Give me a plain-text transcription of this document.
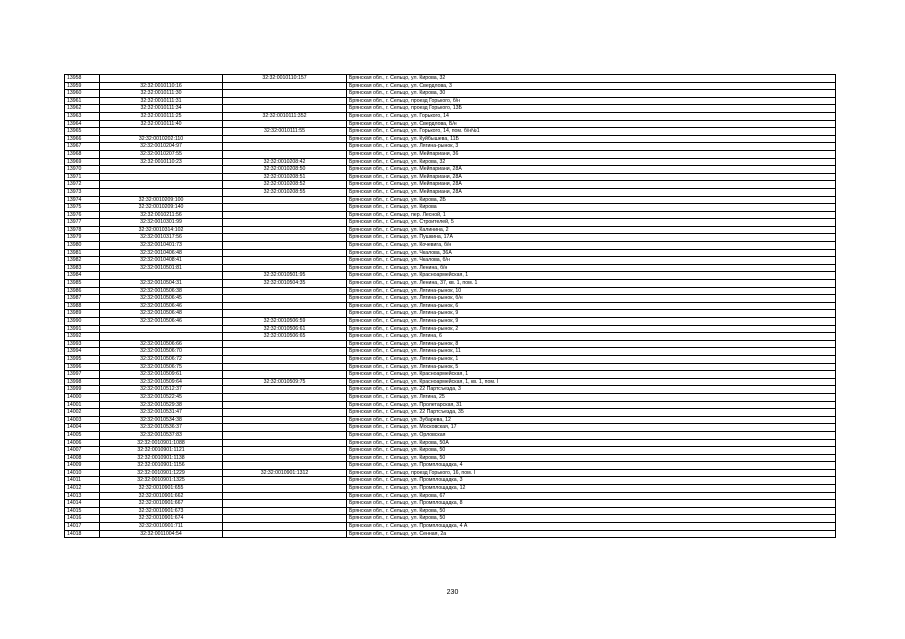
13958		32:32:0010110:157	Брянская обл., г. Сельцо, ул. Кирова, 32
13959	32:32:0010110:16		Брянская обл., г. Сельцо, ул. Свердлова, 3
13960	32:32:0010111:30		Брянская обл., г. Сельцо, ул. Кирова, 30
13961	32:32:0010111:31		Брянская обл., г. Сельцо, проезд Горького, б/н
13962	32:32:0010111:34		Брянская обл., г. Сельцо, проезд Горького, 13Б
13963	32:32:0010111:25	32:32:0010111:352	Брянская обл., г. Сельцо, ул. Горького, 14
13964	32:32:0010111:40		Брянская обл., г. Сельцо, ул. Свердлова, Б/н
13965		32:32:0010111:55	Брянская обл., г. Сельцо, ул. Горького, 14, пом. б/н№1
13966	32:32:0010202:110		Брянская обл., г. Сельцо, ул. Куйбышева, 11Б
13967	32:32:0010204:97		Брянская обл., г. Сельцо, ул. Лягина-рынок, 3
13968	32:32:0010207:55		Брянская обл., г. Сельцо, ул. Мейпариани, 36
13969	32:32:0010110:23	32:32:0010208:42	Брянская обл., г. Сельцо, ул. Кирова, 32
13970		32:32:0010208:50	Брянская обл., г. Сельцо, ул. Мейпариани, 28А
13971		32:32:0010208:51	Брянская обл., г. Сельцо, ул. Мейпариани, 28А
13972		32:32:0010208:52	Брянская обл., г. Сельцо, ул. Мейпариани, 28А
13973		32:32:0010208:55	Брянская обл., г. Сельцо, ул. Мейпариани, 28А
13974	32:32:0010209:100		Брянская обл., г. Сельцо, ул. Кирова, 2Б
13975	32:32:0010209:140		Брянская обл., г. Сельцо, ул. Кирова
13976	32:32:0010211:56		Брянская обл., г. Сельцо, пер. Лесной, 1
13977	32:32:0010301:99		Брянская обл., г. Сельцо, ул. Строителей, 5
13978	32:32:0010314:102		Брянская обл., г. Сельцо, ул. Калинина, 2
13979	32:32:0010317:56		Брянская обл., г. Сельцо, ул. Пушкина, 17А
13980	32:32:0010401:73		Брянская обл., г. Сельцо, ул. Кочевига, б/н
13981	32:32:0010406:48		Брянская обл., г. Сельцо, ул. Чкалова, 36А
13982	32:32:0010408:41		Брянская обл., г. Сельцо, ул. Чкалова, б/н
13983	32:32:0010501:81		Брянская обл., г. Сельцо, ул. Ленина, б/н
13984		32:32:0010501:95	Брянская обл., г. Сельцо, ул. Красноармейская, 1
13985	32:32:0010504:31	32:32:0010504:35	Брянская обл., г. Сельцо, ул. Ленина, 37, кв. 1, пом. 1
13986	32:32:0010506:38		Брянская обл., г. Сельцо, ул. Лягина-рынок, 10
13987	32:32:0010506:45		Брянская обл., г. Сельцо, ул. Лягина-рынок, б/н
13988	32:32:0010506:46		Брянская обл., г. Сельцо, ул. Лягина-рынок, 6
13989	32:32:0010506:48		Брянская обл., г. Сельцо, ул. Лягина-рынок, 9
13990	32:32:0010506:46	32:32:0010506:59	Брянская обл., г. Сельцо, ул. Лягина-рынок, 9
13991		32:32:0010506:61	Брянская обл., г. Сельцо, ул. Лягина-рынок, 2
13992		32:32:0010506:65	Брянская обл., г. Сельцо, ул. Лягина, 6
13993	32:32:0010506:66		Брянская обл., г. Сельцо, ул. Лягина-рынок, 8
13994	32:32:0010506:70		Брянская обл., г. Сельцо, ул. Лягина-рынок, 11
13995	32:32:0010506:72		Брянская обл., г. Сельцо, ул. Лягина-рынок, 1
13996	32:32:0010506:75		Брянская обл., г. Сельцо, ул. Лягина-рынок, 5
13997	32:32:0010509:61		Брянская обл., г. Сельцо, ул. Красноармейская, 1
13998	32:32:0010509:64	32:32:0010509:75	Брянская обл., г. Сельцо, ул. Красноармейская, 1, кв. 1, пом. I
13999	32:32:0010512:37		Брянская обл., г. Сельцо, ул. 22 Партсъезда, 3
14000	32:32:0010522:45		Брянская обл., г. Сельцо, ул. Лягина, 25
14001	32:32:0010529:38		Брянская обл., г. Сельцо, ул. Пролетарская, 31
14002	32:32:0010531:47		Брянская обл., г. Сельцо, ул. 22 Партсъезда, 35
14003	32:32:0010534:38		Брянская обл., г. Сельцо, ул. Зубарева, 12
14004	32:32:0010536:37		Брянская обл., г. Сельцо, ул. Московская, 17
14005	32:32:0010537:83		Брянская обл., г. Сельцо, ул. Орловская
14006	32:32:0010901:1088		Брянская обл., г. Сельцо, ул. Кирова, 50А
14007	32:32:0010901:1121		Брянская обл., г. Сельцо, ул. Кирова, 50
14008	32:32:0010901:1138		Брянская обл., г. Сельцо, ул. Кирова, 50
14009	32:32:0010901:1156		Брянская обл., г. Сельцо, ул. Промплощадка, 4
14010	32:32:0010901:1229	32:32:0010901:1312	Брянская обл., г. Сельцо, проезд Горького, 16, пом. I
14011	32:32:0010901:1325		Брянская обл., г. Сельцо, ул. Промплощадка, 3
14012	32:32:0010901:655		Брянская обл., г. Сельцо, ул. Промплощадка, 12
14013	32:32:0010901:662		Брянская обл., г. Сельцо, ул. Кирова, 67
14014	32:32:0010901:667		Брянская обл., г. Сельцо, ул. Промплощадка, 8
14015	32:32:0010901:673		Брянская обл., г. Сельцо, ул. Кирова, 50
14016	32:32:0010901:674		Брянская обл., г. Сельцо, ул. Кирова, 50
14017	32:32:0010901:711		Брянская обл., г. Сельцо, ул. Промплощадка, 4 А
14018	32:32:0011004:54		Брянская обл., г. Сельцо, ул. Сенная, 2а
230
